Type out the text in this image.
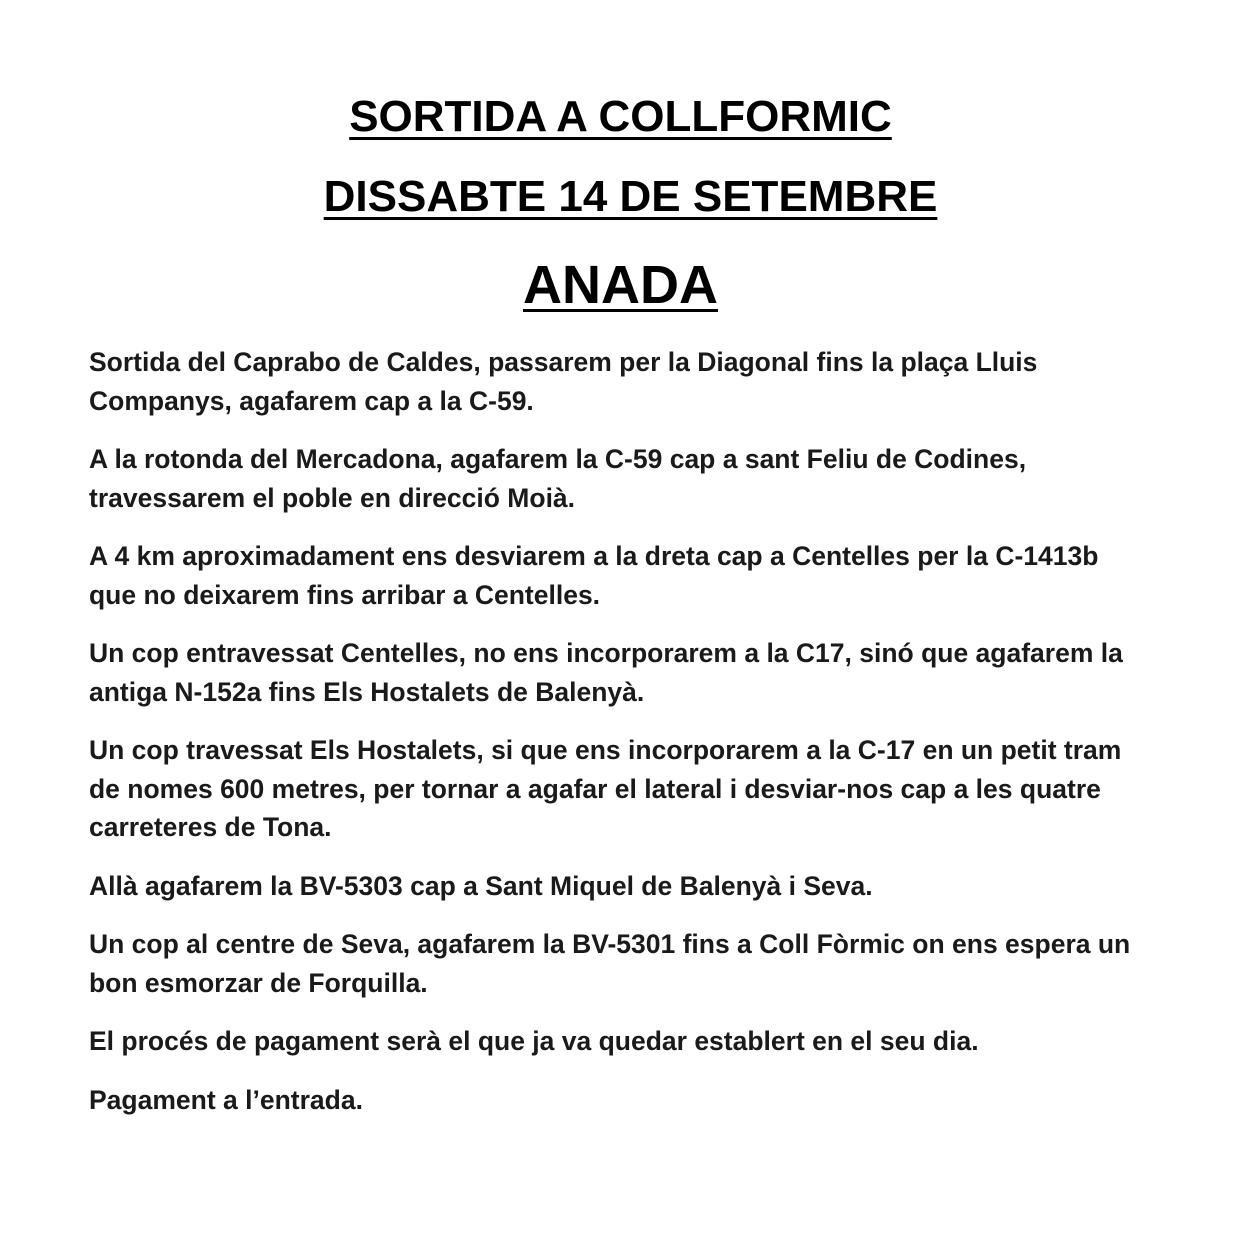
SORTIDA A COLLFORMIC
DISSABTE 14 DE SETEMBRE
ANADA

Sortida del Caprabo de Caldes, passarem per la Diagonal fins la plaça Lluis Companys, agafarem cap a la C-59.

A la rotonda del Mercadona, agafarem la C-59 cap a sant Feliu de Codines, travessarem el poble en direcció Moià.

A 4 km aproximadament ens desviarem a la dreta cap a Centelles per la C-1413b que no deixarem fins arribar a Centelles.

Un cop entravessat Centelles, no ens incorporarem a la C17, sinó que agafarem la antiga N-152a fins Els Hostalets de Balenyà.

Un cop travessat Els Hostalets, si que ens incorporarem a la C-17 en un petit tram de nomes 600 metres, per tornar a agafar el lateral i desviar-nos cap a les quatre carreteres de Tona.

Allà agafarem la BV-5303 cap a Sant Miquel de Balenyà i Seva.

Un cop al centre de Seva, agafarem la BV-5301 fins a Coll Fòrmic on ens espera un bon esmorzar de Forquilla.

El procés de pagament serà el que ja va quedar establert en el seu dia.

Pagament a l’entrada.
